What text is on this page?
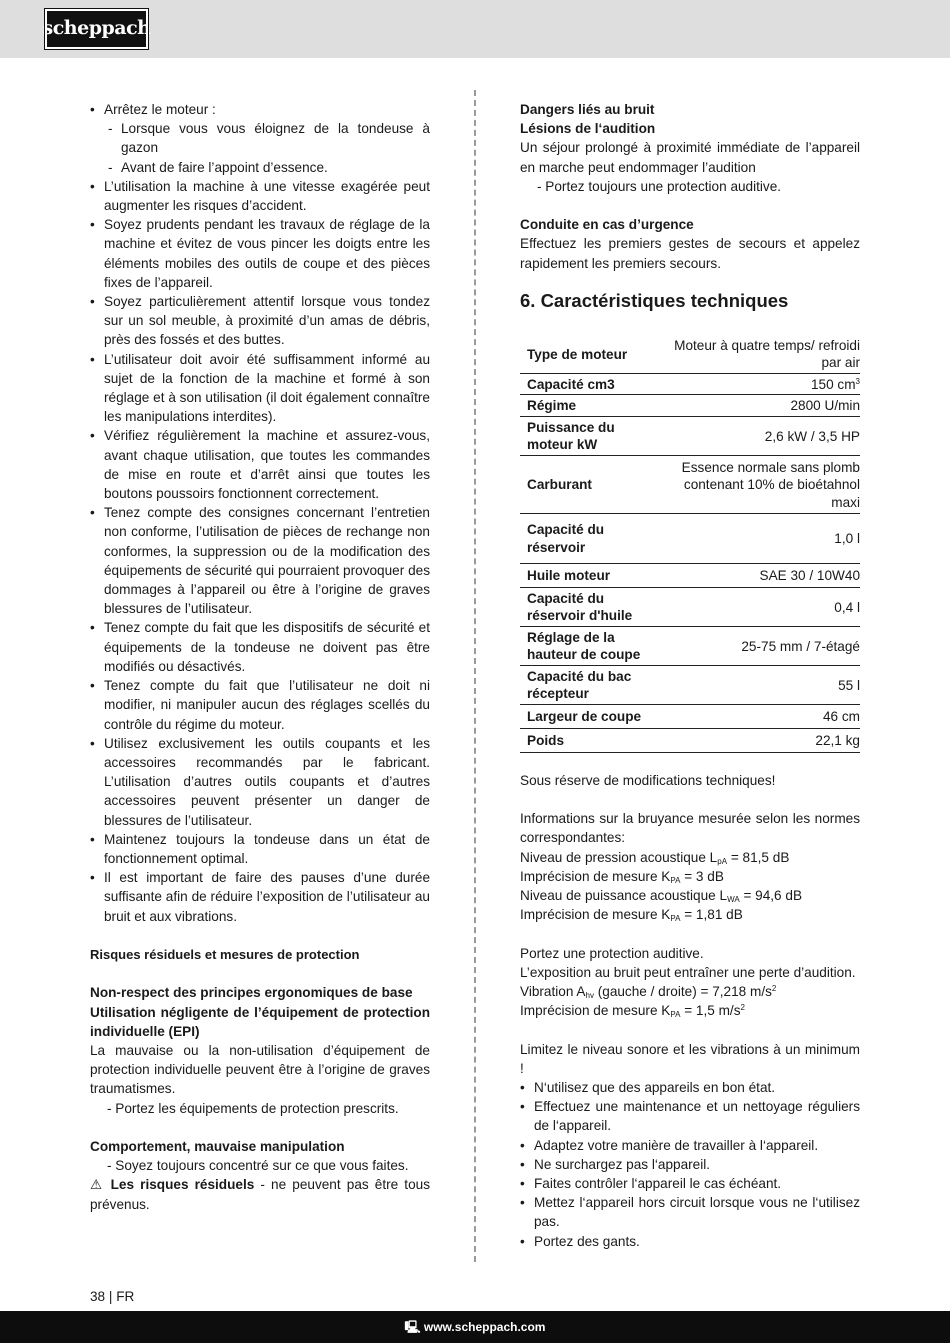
scheppach
• Arrêtez le moteur :
- Lorsque vous vous éloignez de la tondeuse à gazon
- Avant de faire l’appoint d’essence.
• L’utilisation la machine à une vitesse exagérée peut augmenter les risques d’accident.
• Soyez prudents pendant les travaux de réglage de la machine et évitez de vous pincer les doigts entre les éléments mobiles des outils de coupe et des pièces fixes de l’appareil.
• Soyez particulièrement attentif lorsque vous tondez sur un sol meuble, à proximité d’un amas de débris, près des fossés et des buttes.
• L’utilisateur doit avoir été suffisamment informé au sujet de la fonction de la machine et formé à son réglage et à son utilisation (il doit également connaître les manipulations interdites).
• Vérifiez régulièrement la machine et assurez-vous, avant chaque utilisation, que toutes les commandes de mise en route et d’arrêt ainsi que toutes les boutons poussoirs fonctionnent correctement.
• Tenez compte des consignes concernant l’entretien non conforme, l’utilisation de pièces de rechange non conformes, la suppression ou de la modification des équipements de sécurité qui pourraient provoquer des dommages à l’appareil ou être à l’origine de graves blessures de l’utilisateur.
• Tenez compte du fait que les dispositifs de sécurité et équipements de la tondeuse ne doivent pas être modifiés ou désactivés.
• Tenez compte du fait que l’utilisateur ne doit ni modifier, ni manipuler aucun des réglages scellés du contrôle du régime du moteur.
• Utilisez exclusivement les outils coupants et les accessoires recommandés par le fabricant. L’utilisation d’autres outils coupants et d’autres accessoires peuvent présenter un danger de blessures de l’utilisateur.
• Maintenez toujours la tondeuse dans un état de fonctionnement optimal.
• Il est important de faire des pauses d’une durée suffisante afin de réduire l’exposition de l’utilisateur au bruit et aux vibrations.

Risques résiduels et mesures de protection

Non-respect des principes ergonomiques de base

Utilisation négligente de l’équipement de protection individuelle (EPI)

La mauvaise ou la non-utilisation d’équipement de protection individuelle peuvent être à l’origine de graves traumatismes.

- Portez les équipements de protection prescrits.

Comportement, mauvaise manipulation

- Soyez toujours concentré sur ce que vous faites.

⚠ Les risques résiduels - ne peuvent pas être tous prévenus.

Dangers liés au bruit

Lésions de l‘audition

Un séjour prolongé à proximité immédiate de l’appareil en marche peut endommager l’audition

- Portez toujours une protection auditive.

Conduite en cas d’urgence

Effectuez les premiers gestes de secours et appelez rapidement les premiers secours.

6. Caractéristiques techniques
Type de moteur	Moteur à quatre temps/ refroidi par air
Capacité cm3	150 $cm^3$
Régime	2800 U/min
Puissance du moteur kW	2,6 kW / 3,5 HP
Carburant	Essence normale sans plomb contenant 10% de bioétahnol maxi
Capacité du réservoir	1,0 l
Huile moteur	SAE 30 / 10W40
Capacité du réservoir d'huile	0,4 l
Réglage de la hauteur de coupe	25-75 mm / 7-étagé
Capacité du bac récepteur	55 l
Largeur de coupe	46 cm
Poids	22,1 kg

Sous réserve de modifications techniques!

Informations sur la bruyance mesurée selon les normes correspondantes:

Niveau de pression acoustique $L_{pA} = 81,5$ dB

Imprécision de mesure $K_{PA} = 3$ dB

Niveau de puissance acoustique $L_{WA} = 94,6$ dB

Imprécision de mesure $K_{PA} = 1,81$ dB

Portez une protection auditive.

L’exposition au bruit peut entraîner une perte d’audition.

Vibration $A_{hv}$ (gauche / droite) = 7,218 $m/s^2$

Imprécision de mesure $K_{PA} = 1,5$ $m/s^2$

Limitez le niveau sonore et les vibrations à un minimum !

• N‘utilisez que des appareils en bon état.
• Effectuez une maintenance et un nettoyage réguliers de l‘appareil.
• Adaptez votre manière de travailler à l‘appareil.
• Ne surchargez pas l‘appareil.
• Faites contrôler l‘appareil le cas échéant.
• Mettez l‘appareil hors circuit lorsque vous ne l‘utilisez pas.
• Portez des gants.
38 | FR
🖳 www.scheppach.com
